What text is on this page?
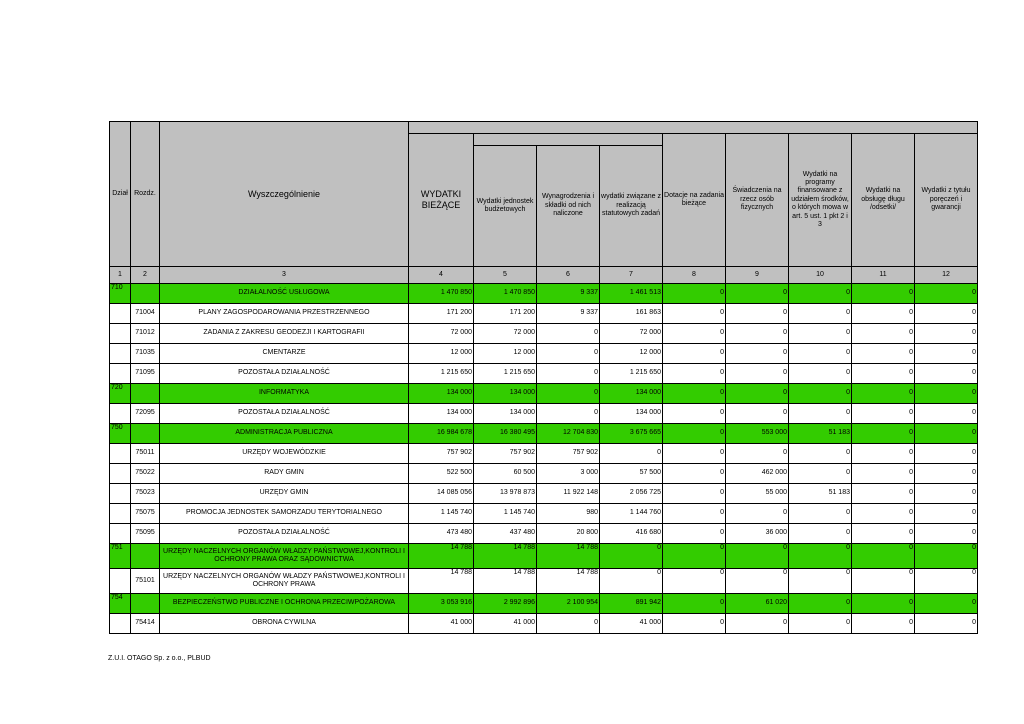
Dział	Rozdz.	Wyszczególnienie									
			WYDATKI BIEŻĄCE				Dotacje na zadania bieżące	Świadczenia na rzecz osób fizycznych	Wydatki na programy finansowane z udziałem środków, o których mowa w art. 5 ust. 1 pkt 2 i 3	Wydatki na obsługę długu /odsetki/	Wydatki z tytułu poręczeń i gwarancji
				Wydatki jednostek budżetowych	Wynagrodzenia i składki od nich naliczone	wydatki związane z realizacją statutowych zadań					
1	2	3	4	5	6	7	8	9	10	11	12
710		DZIAŁALNOŚĆ USŁUGOWA	1 470 850	1 470 850	9 337	1 461 513	0	0	0	0	0
	71004	PLANY ZAGOSPODAROWANIA PRZESTRZENNEGO	171 200	171 200	9 337	161 863	0	0	0	0	0
	71012	ZADANIA Z ZAKRESU GEODEZJI I KARTOGRAFII	72 000	72 000	0	72 000	0	0	0	0	0
	71035	CMENTARZE	12 000	12 000	0	12 000	0	0	0	0	0
	71095	POZOSTAŁA DZIAŁALNOŚĆ	1 215 650	1 215 650	0	1 215 650	0	0	0	0	0
720		INFORMATYKA	134 000	134 000	0	134 000	0	0	0	0	0
	72095	POZOSTAŁA DZIAŁALNOŚĆ	134 000	134 000	0	134 000	0	0	0	0	0
750		ADMINISTRACJA PUBLICZNA	16 984 678	16 380 495	12 704 830	3 675 665	0	553 000	51 183	0	0
	75011	URZĘDY WOJEWÓDZKIE	757 902	757 902	757 902	0	0	0	0	0	0
	75022	RADY GMIN	522 500	60 500	3 000	57 500	0	462 000	0	0	0
	75023	URZĘDY GMIN	14 085 056	13 978 873	11 922 148	2 056 725	0	55 000	51 183	0	0
	75075	PROMOCJA JEDNOSTEK SAMORZADU TERYTORIALNEGO	1 145 740	1 145 740	980	1 144 760	0	0	0	0	0
	75095	POZOSTAŁA DZIAŁALNOŚĆ	473 480	437 480	20 800	416 680	0	36 000	0	0	0
751		URZĘDY NACZELNYCH ORGANÓW WŁADZY PAŃSTWOWEJ,KONTROLI I OCHRONY PRAWA ORAZ SĄDOWNICTWA	14 788	14 788	14 788	0	0	0	0	0	0
	75101	URZĘDY NACZELNYCH ORGANÓW WŁADZY PAŃSTWOWEJ,KONTROLI I OCHRONY PRAWA	14 788	14 788	14 788	0	0	0	0	0	0
754		BEZPIECZEŃSTWO PUBLICZNE I OCHRONA PRZECIWPOŻAROWA	3 053 916	2 992 896	2 100 954	891 942	0	61 020	0	0	0
	75414	OBRONA CYWILNA	41 000	41 000	0	41 000	0	0	0	0	0
Z.U.I. OTAGO Sp. z o.o., PLBUD
